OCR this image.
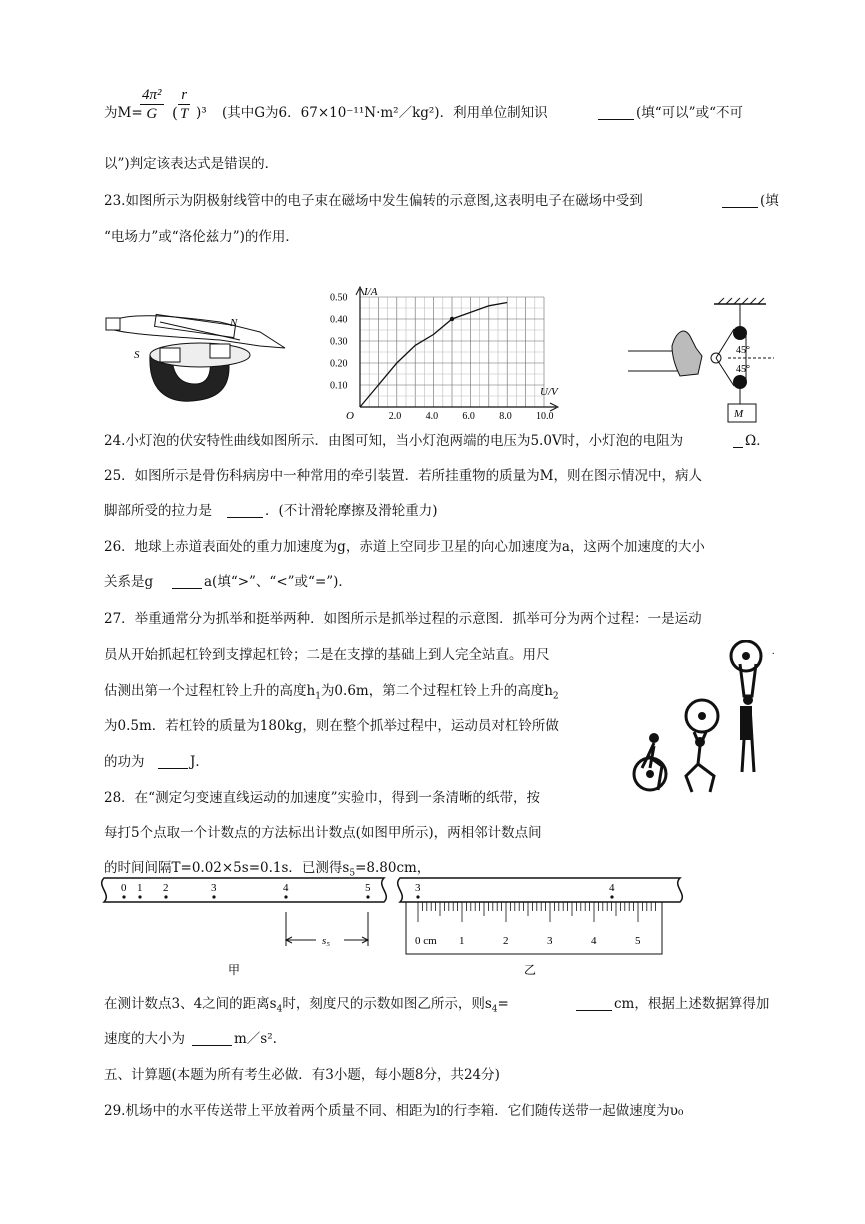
为M=
$\frac{\text{4π²}}{G}$ ( $\frac{r}{T} )^3$ (其中G为6．67×10⁻¹¹N·m²／kg²)．利用单位制知识	(填“可以”或“不可
以”)判定该表达式是错误的．
23.如图所示为阴极射线管中的电子束在磁场中发生偏转的示意图,这表明电子在磁场中受到	(填
“电场力”或“洛伦兹力”)的作用．
N
S
I/A
U/V
O
0.50
0.40
0.30
0.20
0.10
2.0 4.0 6.0 8.0 10.0
45°
45°
M
24.小灯泡的伏安特性曲线如图所示．由图可知，当小灯泡两端的电压为5.0V时，小灯泡的电阻为	Ω．
25．如图所示是骨伤科病房中一种常用的牵引装置．若所挂重物的质量为M，则在图示情况中，病人
脚部所受的拉力是	．(不计滑轮摩擦及滑轮重力)
26．地球上赤道表面处的重力加速度为g，赤道上空同步卫星的向心加速度为a，这两个加速度的大小
关系是g	a(填“>”、“<”或“=”)．
27．举重通常分为抓举和挺举两种．如图所示是抓举过程的示意图．抓举可分为两个过程：一是运动
员从开始抓起杠铃到支撑起杠铃；二是在支撑的基础上到人完全站直。用尺
估测出第一个过程杠铃上升的高度$h_1$为0.6m，第二个过程杠铃上升的高度$h_2$
为0.5m．若杠铃的质量为180kg，则在整个抓举过程中，运动员对杠铃所做
的功为	J．
.
28．在“测定匀变速直线运动的加速度”实验巾，得到一条清晰的纸带，按
每打5个点取一个计数点的方法标出计数点(如图甲所示)，两相邻计数点间
的时间间隔T=0.02×5s=0.1s．已测得$s_5=8.80cm$，
0 1 2	3	4	5
s₅
甲
3	4
0 cm 1	2	3	4	5
乙
在测计数点3、4之间的距离$s_4$时，刻度尺的示数如图乙所示，则$s_4=$	cm，根据上述数据算得加
速度的大小为	m／s².
五、计算题(本题为所有考生必做．有3小题，每小题8分，共24分)
29.机场中的水平传送带上平放着两个质量不同、相距为l的行李箱．它们随传送带一起做速度为υ₀
